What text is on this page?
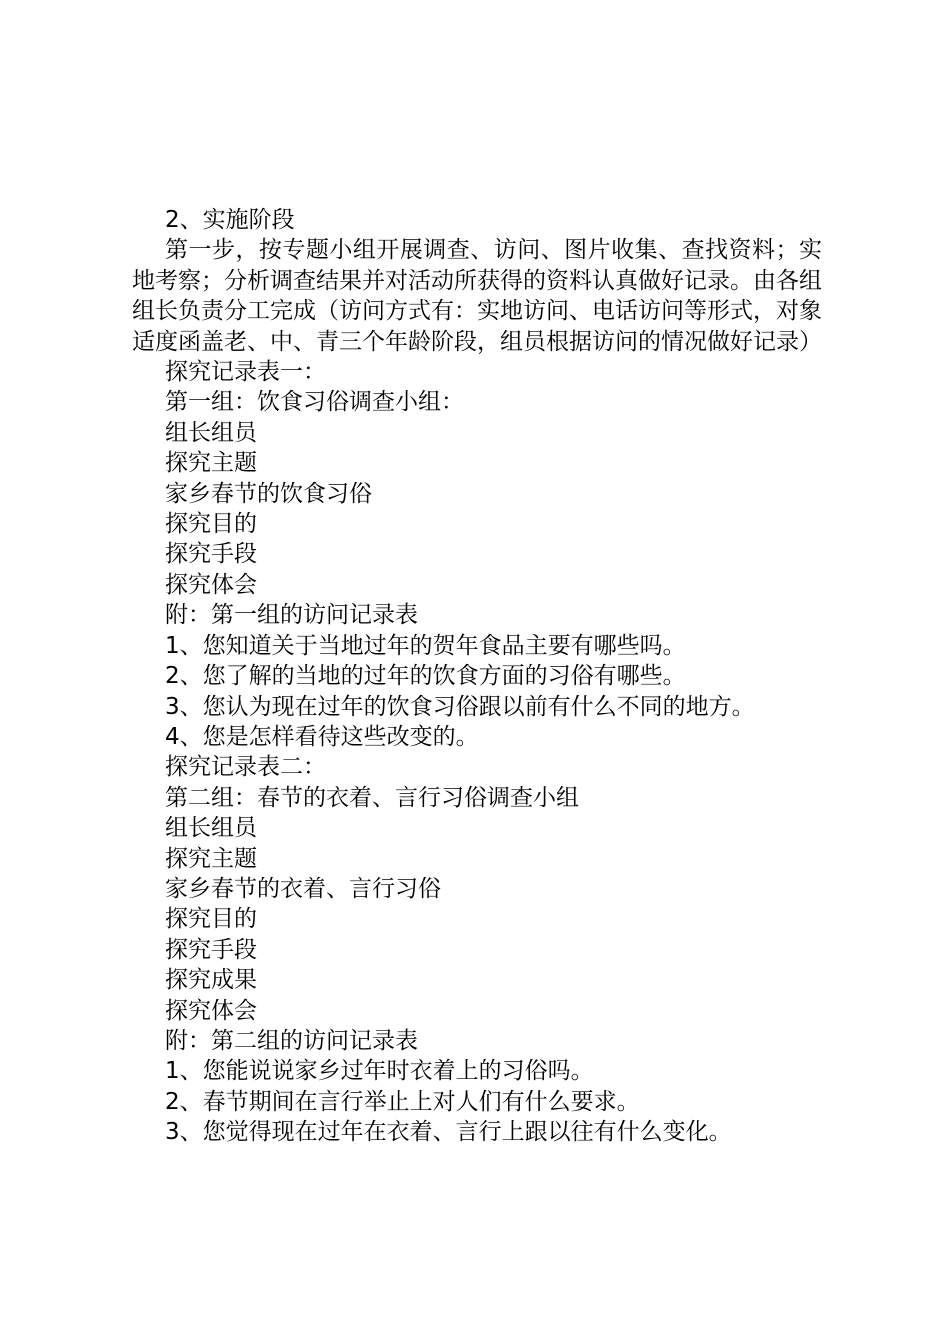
2、实施阶段
第一步，按专题小组开展调查、访问、图片收集、查找资料；实地考察；分析调查结果并对活动所获得的资料认真做好记录。由各组组长负责分工完成（访问方式有：实地访问、电话访问等形式，对象适度函盖老、中、青三个年龄阶段，组员根据访问的情况做好记录）
探究记录表一：
第一组：饮食习俗调查小组：
组长组员
探究主题
家乡春节的饮食习俗
探究目的
探究手段
探究体会
附：第一组的访问记录表
1、您知道关于当地过年的贺年食品主要有哪些吗。
2、您了解的当地的过年的饮食方面的习俗有哪些。
3、您认为现在过年的饮食习俗跟以前有什么不同的地方。
4、您是怎样看待这些改变的。
探究记录表二：
第二组：春节的衣着、言行习俗调查小组
组长组员
探究主题
家乡春节的衣着、言行习俗
探究目的
探究手段
探究成果
探究体会
附：第二组的访问记录表
1、您能说说家乡过年时衣着上的习俗吗。
2、春节期间在言行举止上对人们有什么要求。
3、您觉得现在过年在衣着、言行上跟以往有什么变化。
